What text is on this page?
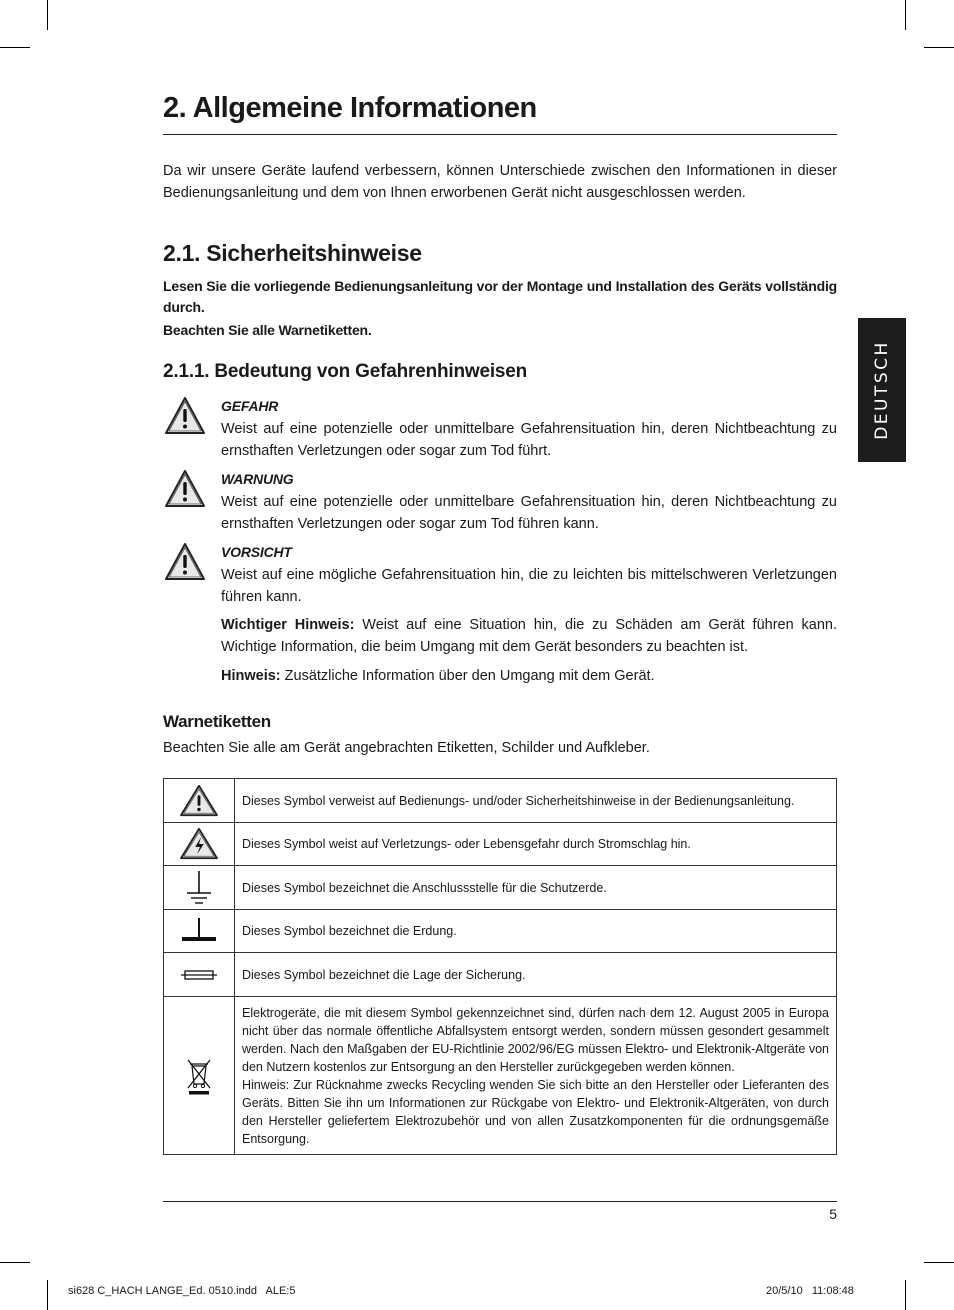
DEUTSCH
2. Allgemeine Informationen
Da wir unsere Geräte laufend verbessern, können Unterschiede zwischen den Informationen in dieser Bedienungsanleitung und dem von Ihnen erworbenen Gerät nicht ausgeschlossen werden.
2.1. Sicherheitshinweise
Lesen Sie die vorliegende Bedienungsanleitung vor der Montage und Installation des Geräts vollständig durch.
Beachten Sie alle Warnetiketten.
2.1.1. Bedeutung von Gefahrenhinweisen
GEFAHR
Weist auf eine potenzielle oder unmittelbare Gefahrensituation hin, deren Nichtbeachtung zu ernsthaften Verletzungen oder sogar zum Tod führt.
WARNUNG
Weist auf eine potenzielle oder unmittelbare Gefahrensituation hin, deren Nichtbeachtung zu ernsthaften Verletzungen oder sogar zum Tod führen kann.
VORSICHT
Weist auf eine mögliche Gefahrensituation hin, die zu leichten bis mittelschweren Verletzungen führen kann.
Wichtiger Hinweis: Weist auf eine Situation hin, die zu Schäden am Gerät führen kann. Wichtige Information, die beim Umgang mit dem Gerät besonders zu beachten ist.
Hinweis: Zusätzliche Information über den Umgang mit dem Gerät.
Warnetiketten
Beachten Sie alle am Gerät angebrachten Etiketten, Schilder und Aufkleber.
	Dieses Symbol verweist auf Bedienungs- und/oder Sicherheitshinweise in der Bedienungsanleitung.

	Dieses Symbol weist auf Verletzungs- oder Lebensgefahr durch Stromschlag hin.

	Dieses Symbol bezeichnet die Anschlussstelle für die Schutzerde.

	Dieses Symbol bezeichnet die Erdung.

	Dieses Symbol bezeichnet die Lage der Sicherung.

Elektrogeräte, die mit diesem Symbol gekennzeichnet sind, dürfen nach dem 12. August 2005 in Europa nicht über das normale öffentliche Abfallsystem entsorgt werden, sondern müssen gesondert gesammelt werden. Nach den Maßgaben der EU-Richtlinie 2002/96/EG müssen Elektro- und Elektronik-Altgeräte von den Nutzern kostenlos zur Entsorgung an den Hersteller zurückgegeben werden können.
Hinweis: Zur Rücknahme zwecks Recycling wenden Sie sich bitte an den Hersteller oder Lieferanten des Geräts. Bitten Sie ihn um Informationen zur Rückgabe von Elektro- und Elektronik-Altgeräten, von durch den Hersteller geliefertem Elektrozubehör und von allen Zusatzkomponenten für die ordnungsgemäße Entsorgung.
5
si628 C_HACH LANGE_Ed. 0510.indd   ALE:5	20/5/10   11:08:48
